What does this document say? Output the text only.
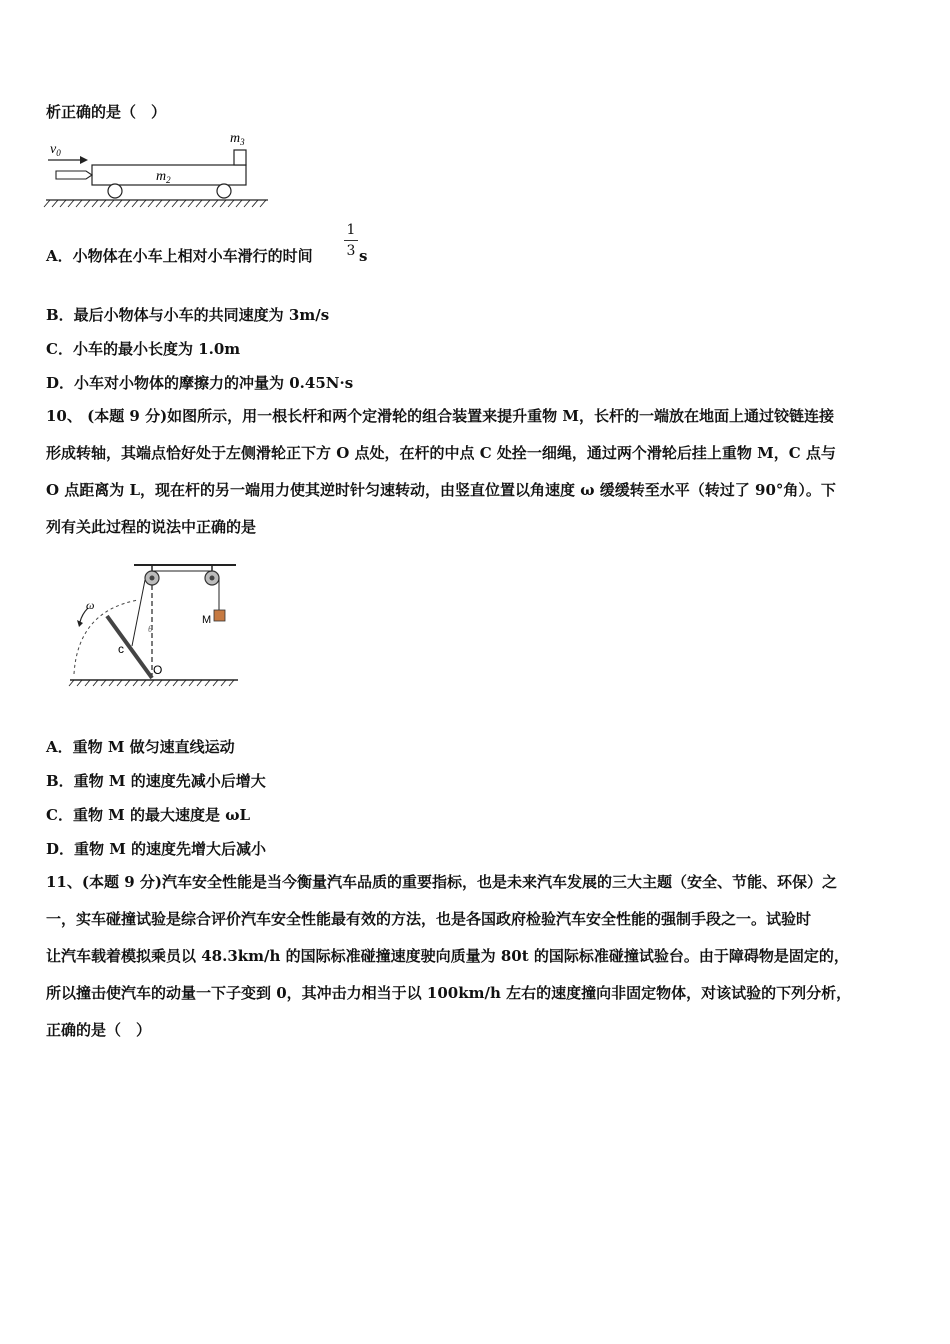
析正确的是（　）
$v_0$
$m_2$
$m_3$
A．小物体在小车上相对小车滑行的时间
1
3 s
B．最后小物体与小车的共同速度为 3m/s
C．小车的最小长度为 1.0m
D．小车对小物体的摩擦力的冲量为 0.45N·s
10、 (本题 9 分)如图所示，用一根长杆和两个定滑轮的组合装置来提升重物 M，长杆的一端放在地面上通过铰链连接
形成转轴，其端点恰好处于左侧滑轮正下方 O 点处，在杆的中点 C 处拴一细绳，通过两个滑轮后挂上重物 M，C 点与
O 点距离为 L，现在杆的另一端用力使其逆时针匀速转动，由竖直位置以角速度 ω 缓缓转至水平（转过了 90°角）。下
列有关此过程的说法中正确的是
ω
c
O
M
θ
A．重物 M 做匀速直线运动
B．重物 M 的速度先减小后增大
C．重物 M 的最大速度是 ωL
D．重物 M 的速度先增大后减小
11、(本题 9 分)汽车安全性能是当今衡量汽车品质的重要指标，也是未来汽车发展的三大主题（安全、节能、环保）之
一，实车碰撞试验是综合评价汽车安全性能最有效的方法，也是各国政府检验汽车安全性能的强制手段之一。试验时
让汽车载着模拟乘员以 48.3km/h 的国际标准碰撞速度驶向质量为 80t 的国际标准碰撞试验台。由于障碍物是固定的，
所以撞击使汽车的动量一下子变到 0，其冲击力相当于以 100km/h 左右的速度撞向非固定物体，对该试验的下列分析，
正确的是（　）
